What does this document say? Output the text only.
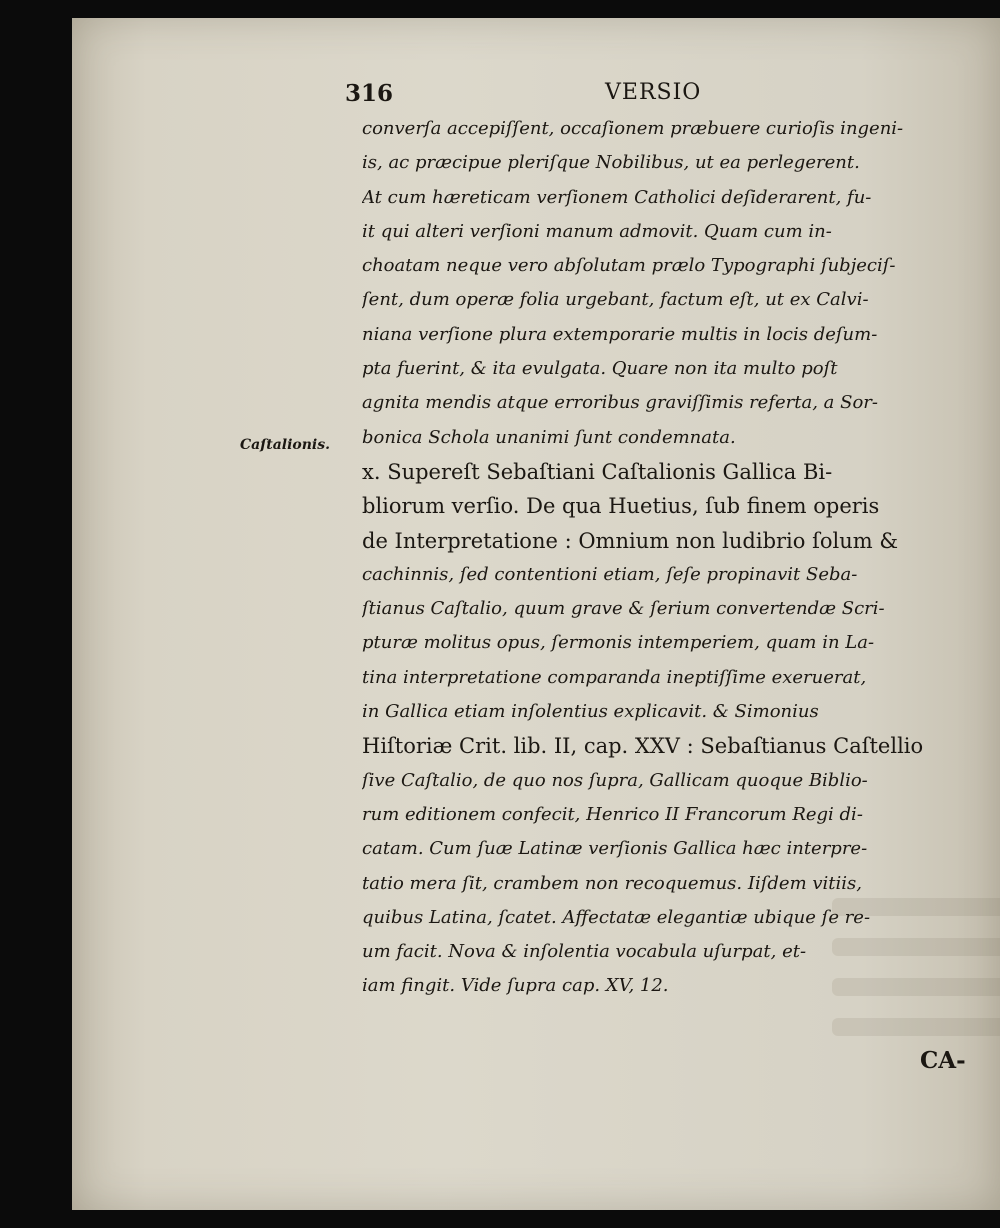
316	VERSIO
Caſtalionis.
converſa accepiſſent, occaſionem præbuere curioſis ingeni-
is, ac præcipue pleriſque Nobilibus, ut ea perlegerent.
At cum hæreticam verſionem Catholici deſiderarent, fu-
it qui alteri verſioni manum admovit. Quam cum in-
choatam neque vero abſolutam prælo Typographi ſubjeciſ-
ſent, dum operæ folia urgebant, factum eſt, ut ex Calvi-
niana verſione plura extemporarie multis in locis deſum-
pta fuerint, & ita evulgata. Quare non ita multo poſt
agnita mendis atque erroribus graviſſimis referta, a Sor-
bonica Schola unanimi ſunt condemnata.
x. Supereſt Sebaſtiani Caſtalionis Gallica Bi-
bliorum verſio. De qua Huetius, ſub finem operis
de Interpretatione : Omnium non ludibrio ſolum &
cachinnis, ſed contentioni etiam, ſeſe propinavit Seba-
ſtianus Caſtalio, quum grave & ſerium convertendæ Scri-
pturæ molitus opus, ſermonis intemperiem, quam in La-
tina interpretatione comparanda ineptiſſime exeruerat,
in Gallica etiam inſolentius explicavit. & Simonius
Hiſtoriæ Crit. lib. II, cap. XXV : Sebaſtianus Caſtellio
ſive Caſtalio, de quo nos ſupra, Gallicam quoque Biblio-
rum editionem confecit, Henrico II Francorum Regi di-
catam. Cum ſuæ Latinæ verſionis Gallica hæc interpre-
tatio mera ſit, crambem non recoquemus. Iiſdem vitiis,
quibus Latina, ſcatet. Affectatæ elegantiæ ubique ſe re-
um facit. Nova & inſolentia vocabula uſurpat, et-
iam fingit. Vide ſupra cap. XV, 12.
CA-
